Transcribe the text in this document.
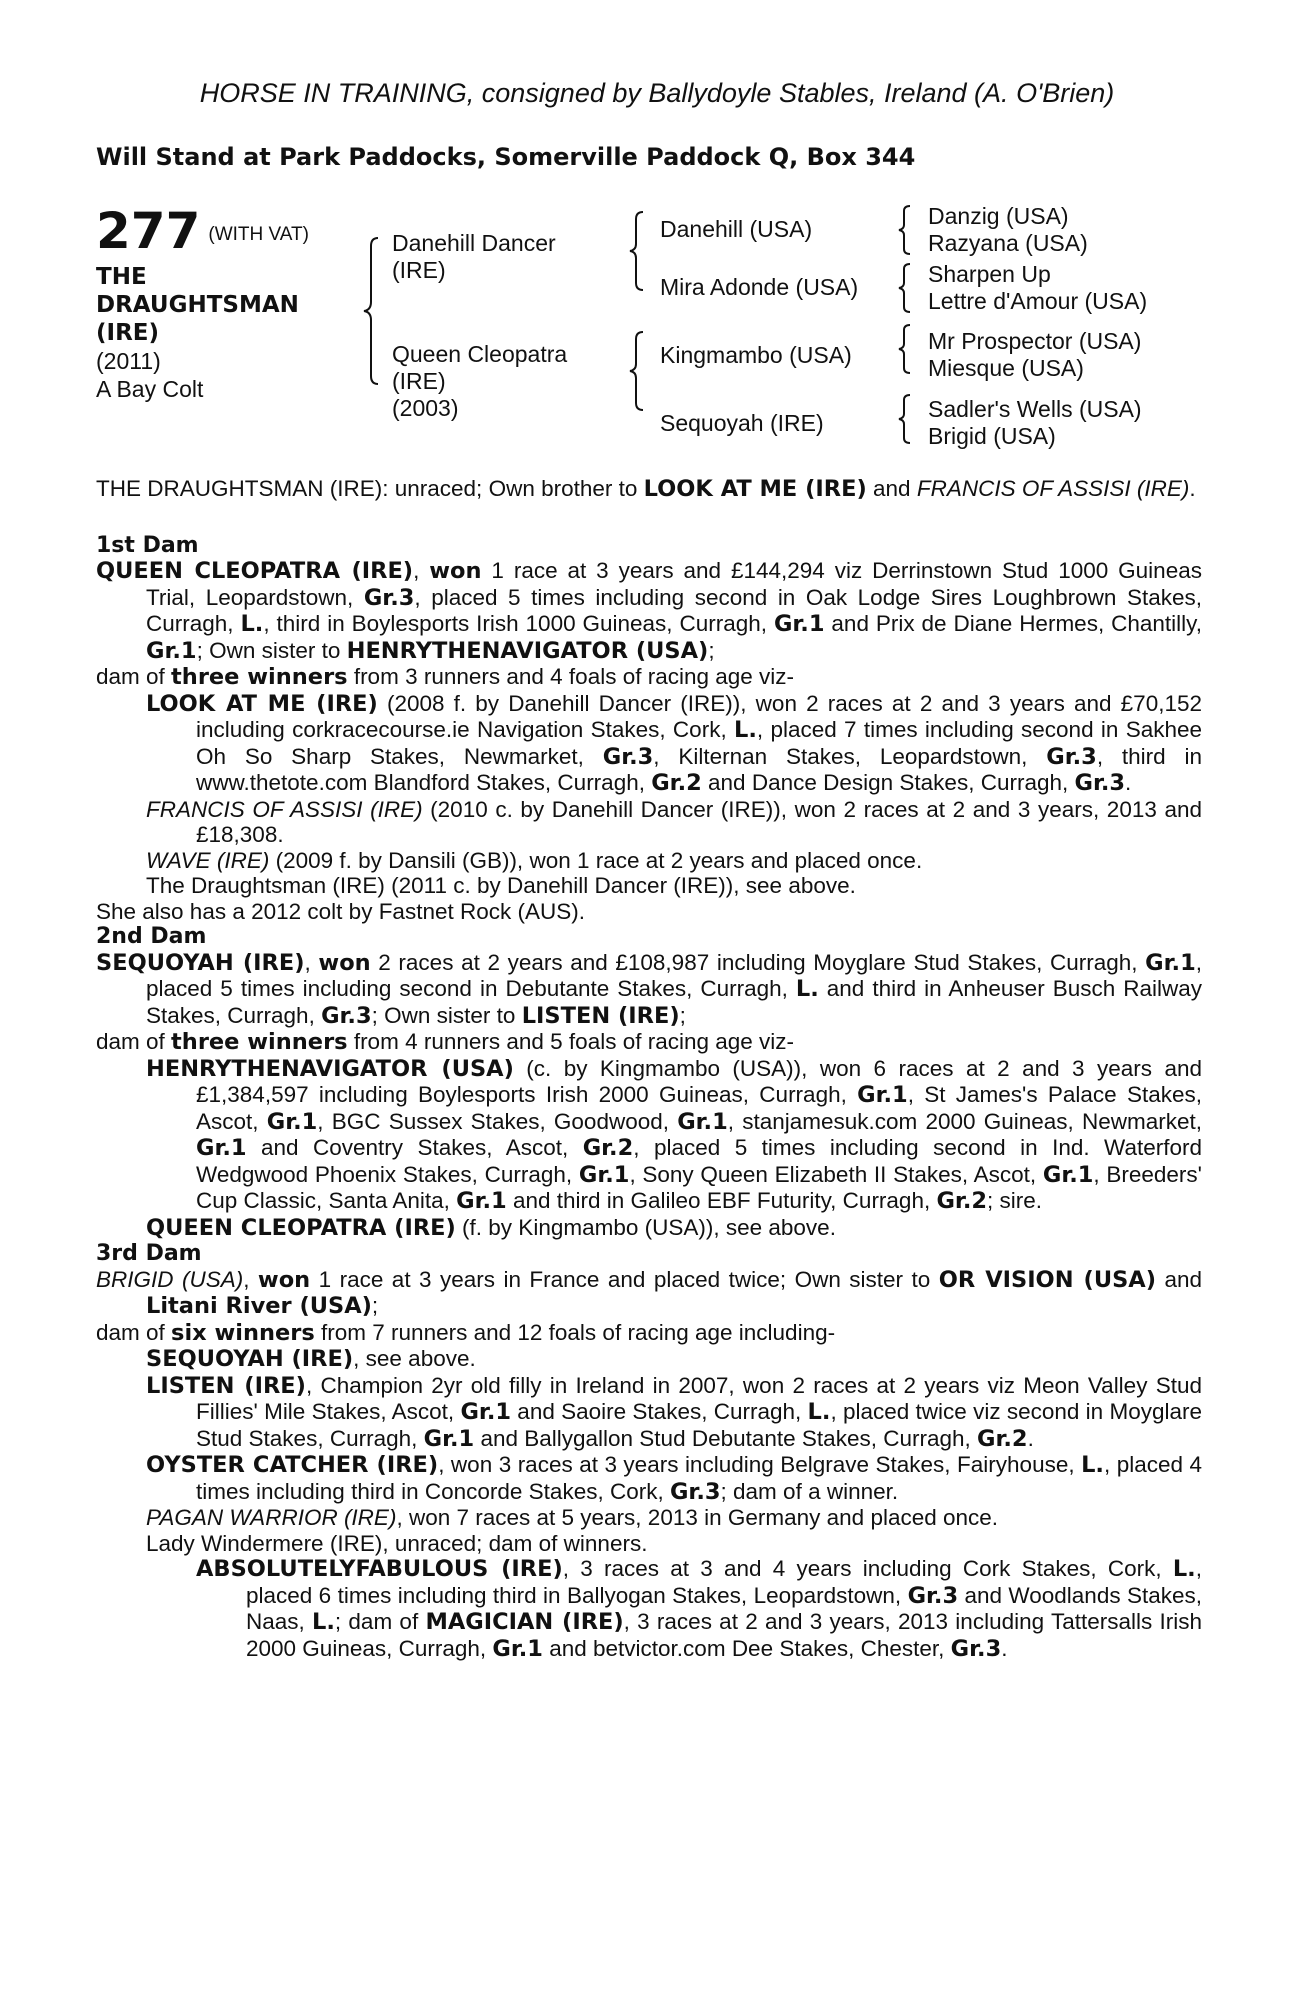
HORSE IN TRAINING, consigned by Ballydoyle Stables, Ireland (A. O'Brien)
Will Stand at Park Paddocks, Somerville Paddock Q, Box 344
277 (WITH VAT)
THE
DRAUGHTSMAN
(IRE)
(2011)
A Bay Colt
Danehill Dancer
(IRE)
Queen Cleopatra
(IRE)
(2003)
Danehill (USA)
Mira Adonde (USA)
Kingmambo (USA)
Sequoyah (IRE)
Danzig (USA)
Razyana (USA)
Sharpen Up
Lettre d'Amour (USA)
Mr Prospector (USA)
Miesque (USA)
Sadler's Wells (USA)
Brigid (USA)

THE DRAUGHTSMAN (IRE): unraced; Own brother to LOOK AT ME (IRE) and FRANCIS OF ASSISI (IRE).

1st Dam

QUEEN CLEOPATRA (IRE), won 1 race at 3 years and £144,294 viz Derrinstown Stud 1000 Guineas Trial, Leopardstown, Gr.3, placed 5 times including second in Oak Lodge Sires Loughbrown Stakes, Curragh, L., third in Boylesports Irish 1000 Guineas, Curragh, Gr.1 and Prix de Diane Hermes, Chantilly, Gr.1; Own sister to HENRYTHENAVIGATOR (USA);

dam of three winners from 3 runners and 4 foals of racing age viz-

LOOK AT ME (IRE) (2008 f. by Danehill Dancer (IRE)), won 2 races at 2 and 3 years and £70,152 including corkracecourse.ie Navigation Stakes, Cork, L., placed 7 times including second in Sakhee Oh So Sharp Stakes, Newmarket, Gr.3, Kilternan Stakes, Leopardstown, Gr.3, third in www.thetote.com Blandford Stakes, Curragh, Gr.2 and Dance Design Stakes, Curragh, Gr.3.

FRANCIS OF ASSISI (IRE) (2010 c. by Danehill Dancer (IRE)), won 2 races at 2 and 3 years, 2013 and £18,308.

WAVE (IRE) (2009 f. by Dansili (GB)), won 1 race at 2 years and placed once.

The Draughtsman (IRE) (2011 c. by Danehill Dancer (IRE)), see above.

She also has a 2012 colt by Fastnet Rock (AUS).

2nd Dam

SEQUOYAH (IRE), won 2 races at 2 years and £108,987 including Moyglare Stud Stakes, Curragh, Gr.1, placed 5 times including second in Debutante Stakes, Curragh, L. and third in Anheuser Busch Railway Stakes, Curragh, Gr.3; Own sister to LISTEN (IRE);

dam of three winners from 4 runners and 5 foals of racing age viz-

HENRYTHENAVIGATOR (USA) (c. by Kingmambo (USA)), won 6 races at 2 and 3 years and £1,384,597 including Boylesports Irish 2000 Guineas, Curragh, Gr.1, St James's Palace Stakes, Ascot, Gr.1, BGC Sussex Stakes, Goodwood, Gr.1, stanjamesuk.com 2000 Guineas, Newmarket, Gr.1 and Coventry Stakes, Ascot, Gr.2, placed 5 times including second in Ind. Waterford Wedgwood Phoenix Stakes, Curragh, Gr.1, Sony Queen Elizabeth II Stakes, Ascot, Gr.1, Breeders' Cup Classic, Santa Anita, Gr.1 and third in Galileo EBF Futurity, Curragh, Gr.2; sire.

QUEEN CLEOPATRA (IRE) (f. by Kingmambo (USA)), see above.

3rd Dam

BRIGID (USA), won 1 race at 3 years in France and placed twice; Own sister to OR VISION (USA) and Litani River (USA);

dam of six winners from 7 runners and 12 foals of racing age including-

SEQUOYAH (IRE), see above.

LISTEN (IRE), Champion 2yr old filly in Ireland in 2007, won 2 races at 2 years viz Meon Valley Stud Fillies' Mile Stakes, Ascot, Gr.1 and Saoire Stakes, Curragh, L., placed twice viz second in Moyglare Stud Stakes, Curragh, Gr.1 and Ballygallon Stud Debutante Stakes, Curragh, Gr.2.

OYSTER CATCHER (IRE), won 3 races at 3 years including Belgrave Stakes, Fairyhouse, L., placed 4 times including third in Concorde Stakes, Cork, Gr.3; dam of a winner.

PAGAN WARRIOR (IRE), won 7 races at 5 years, 2013 in Germany and placed once.

Lady Windermere (IRE), unraced; dam of winners.

ABSOLUTELYFABULOUS (IRE), 3 races at 3 and 4 years including Cork Stakes, Cork, L., placed 6 times including third in Ballyogan Stakes, Leopardstown, Gr.3 and Woodlands Stakes, Naas, L.; dam of MAGICIAN (IRE), 3 races at 2 and 3 years, 2013 including Tattersalls Irish 2000 Guineas, Curragh, Gr.1 and betvictor.com Dee Stakes, Chester, Gr.3.
